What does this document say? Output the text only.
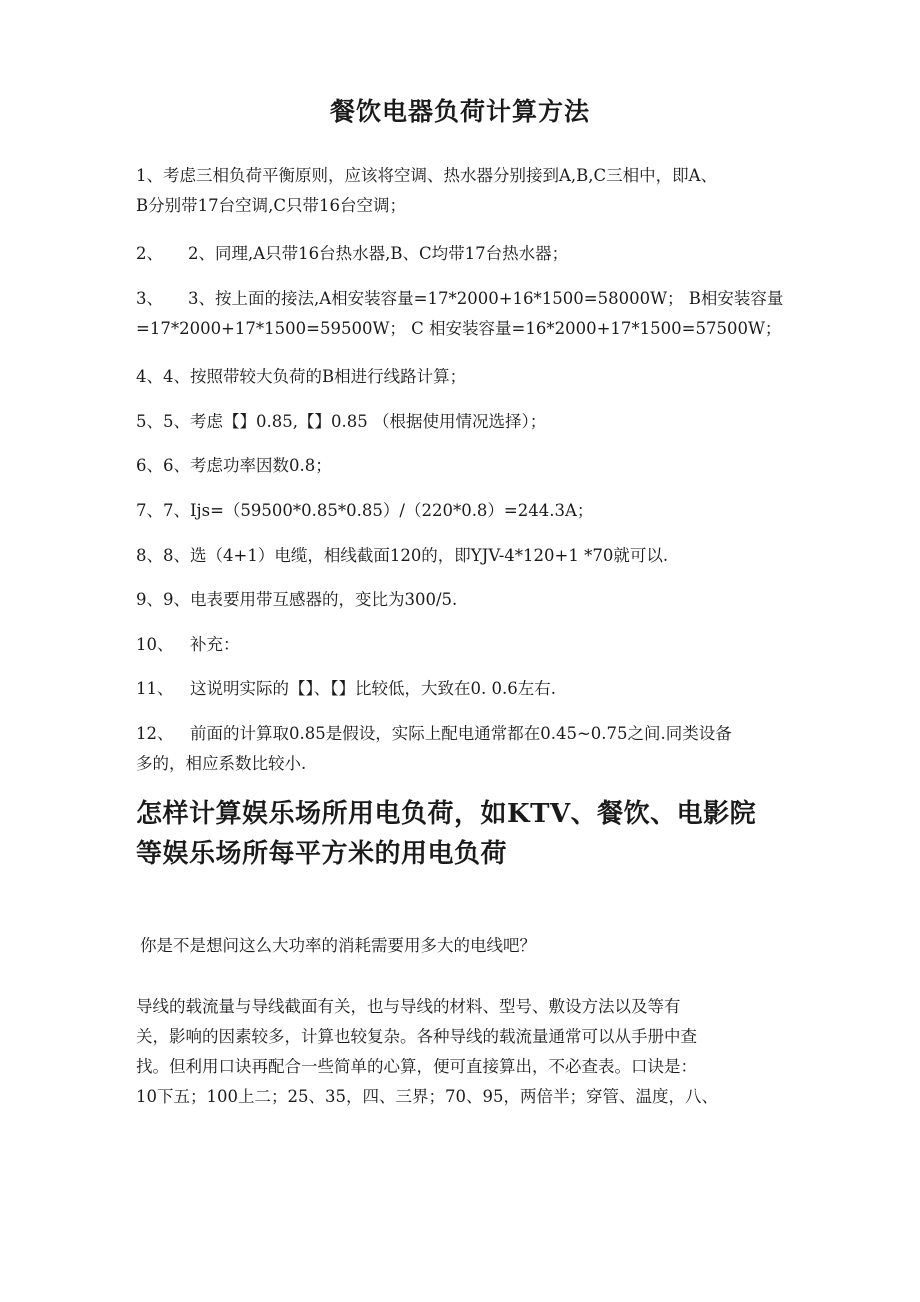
餐饮电器负荷计算方法
1、考虑三相负荷平衡原则，应该将空调、热水器分别接到A,B,C三相中，即A、
B分别带17台空调,C只带16台空调；
2、 2、同理,A只带16台热水器,B、C均带17台热水器；
3、 3、按上面的接法,A相安装容量=17*2000+16*1500=58000W； B相安装容量
=17*2000+17*1500=59500W； C 相安装容量=16*2000+17*1500=57500W；
4、4、按照带较大负荷的B相进行线路计算；
5、5、考虑【】0.85,【】0.85 （根据使用情况选择）；
6、6、考虑功率因数0.8；
7、7、Ijs=（59500*0.85*0.85）/（220*0.8）=244.3A；
8、8、选（4+1）电缆，相线截面120的，即YJV-4*120+1 *70就可以.
9、9、电表要用带互感器的，变比为300/5.
10、 补充：
11、 这说明实际的【】、【】比较低，大致在0. 0.6左右.
12、 前面的计算取0.85是假设，实际上配电通常都在0.45~0.75之间.同类设备
多的，相应系数比较小.
怎样计算娱乐场所用电负荷，如KTV、餐饮、电影院
等娱乐场所每平方米的用电负荷
你是不是想问这么大功率的消耗需要用多大的电线吧？
导线的载流量与导线截面有关，也与导线的材料、型号、敷设方法以及等有
关，影响的因素较多，计算也较复杂。各种导线的载流量通常可以从手册中查
找。但利用口诀再配合一些简单的心算，便可直接算出，不必查表。口诀是：
10下五；100上二；25、35，四、三界；70、95，两倍半；穿管、温度，八、
